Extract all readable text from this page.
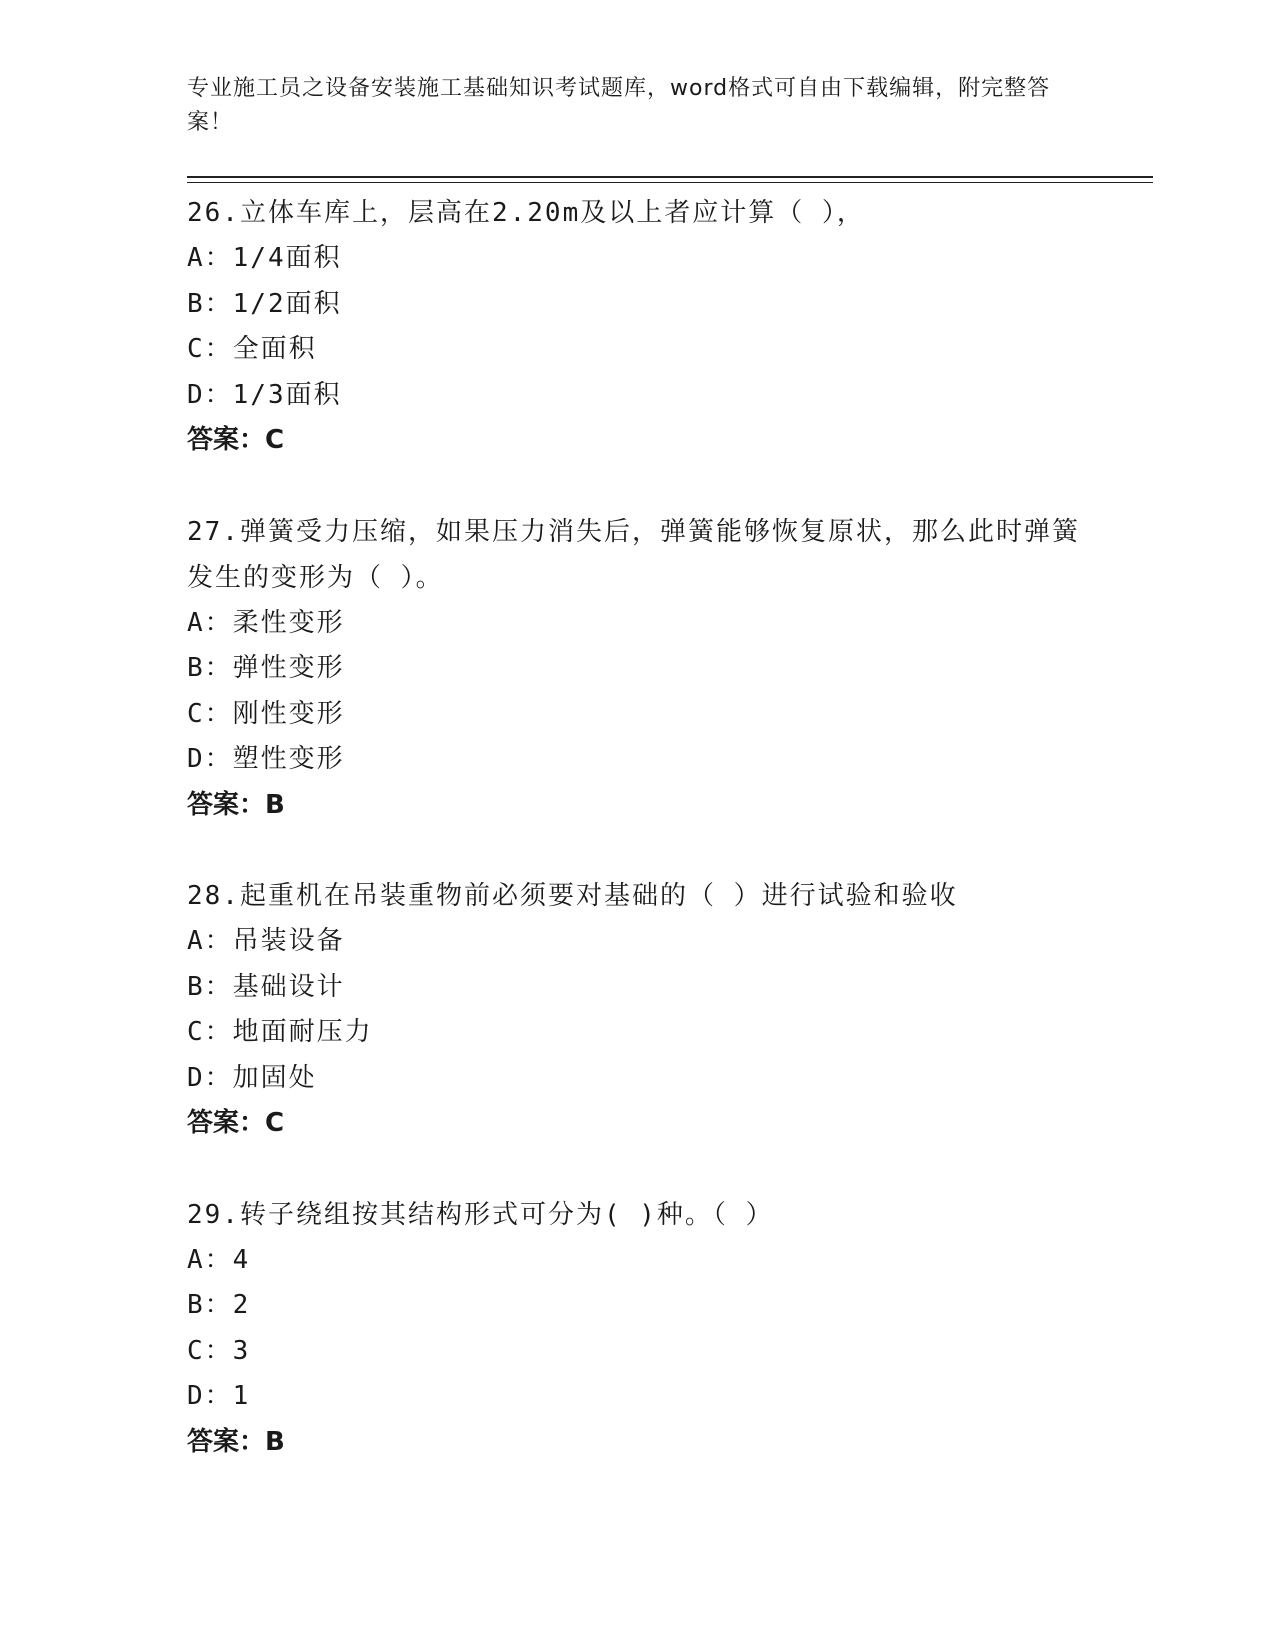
专业施工员之设备安装施工基础知识考试题库，word格式可自由下载编辑，附完整答案！
26.立体车库上，层高在2.20m及以上者应计算（ ），
A：1/4面积
B：1/2面积
C：全面积
D：1/3面积
答案：C
27.弹簧受力压缩，如果压力消失后，弹簧能够恢复原状，那么此时弹簧发生的变形为（ ）。
A：柔性变形
B：弹性变形
C：刚性变形
D：塑性变形
答案：B
28.起重机在吊装重物前必须要对基础的（ ）进行试验和验收
A：吊装设备
B：基础设计
C：地面耐压力
D：加固处
答案：C
29.转子绕组按其结构形式可分为( )种。（ ）
A：4
B：2
C：3
D：1
答案：B
